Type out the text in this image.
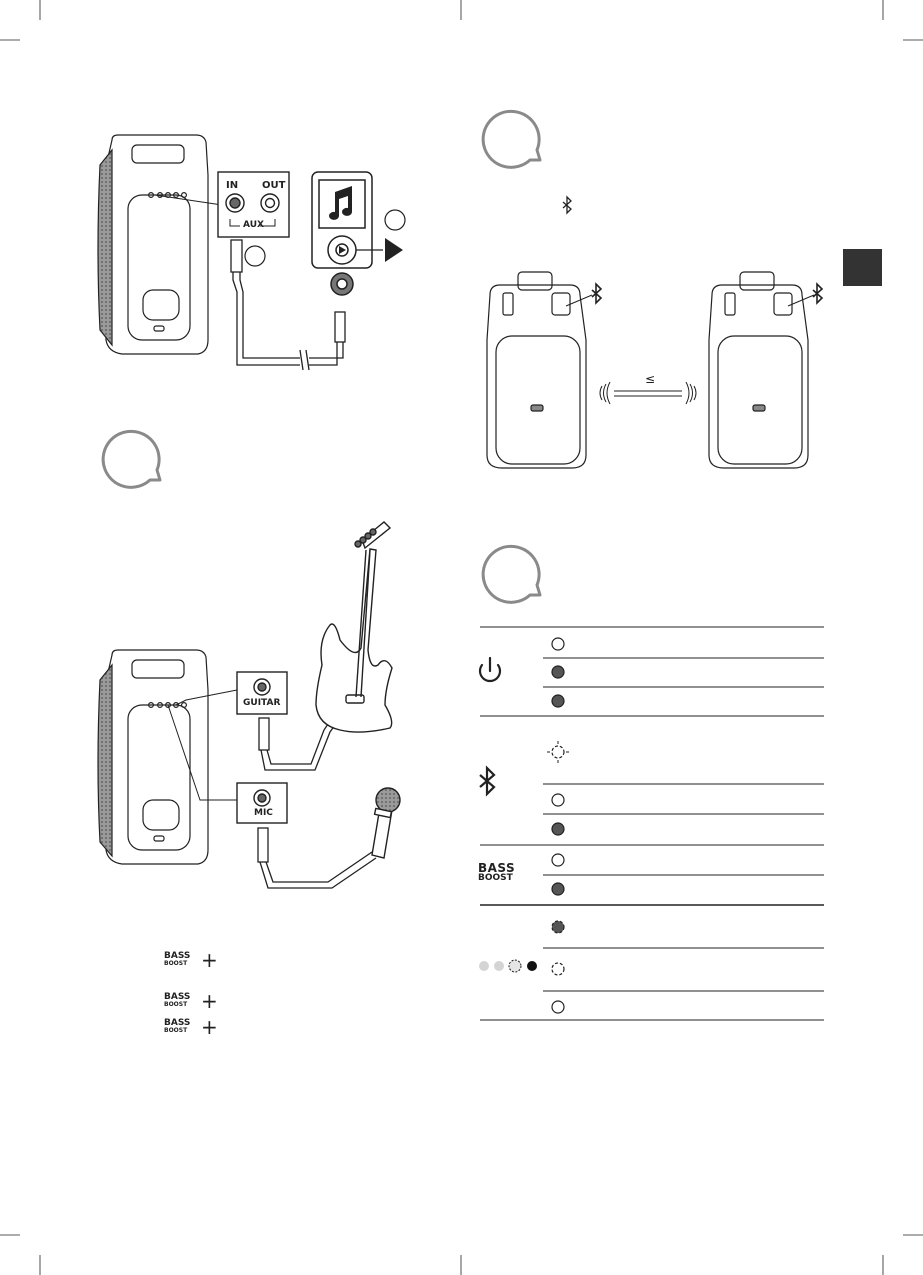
IN OUT
AUX
GUITAR
MIC
≤
BASS
BOOST
BASS
BOOST +
BASS
BOOST +
BASS
BOOST +
